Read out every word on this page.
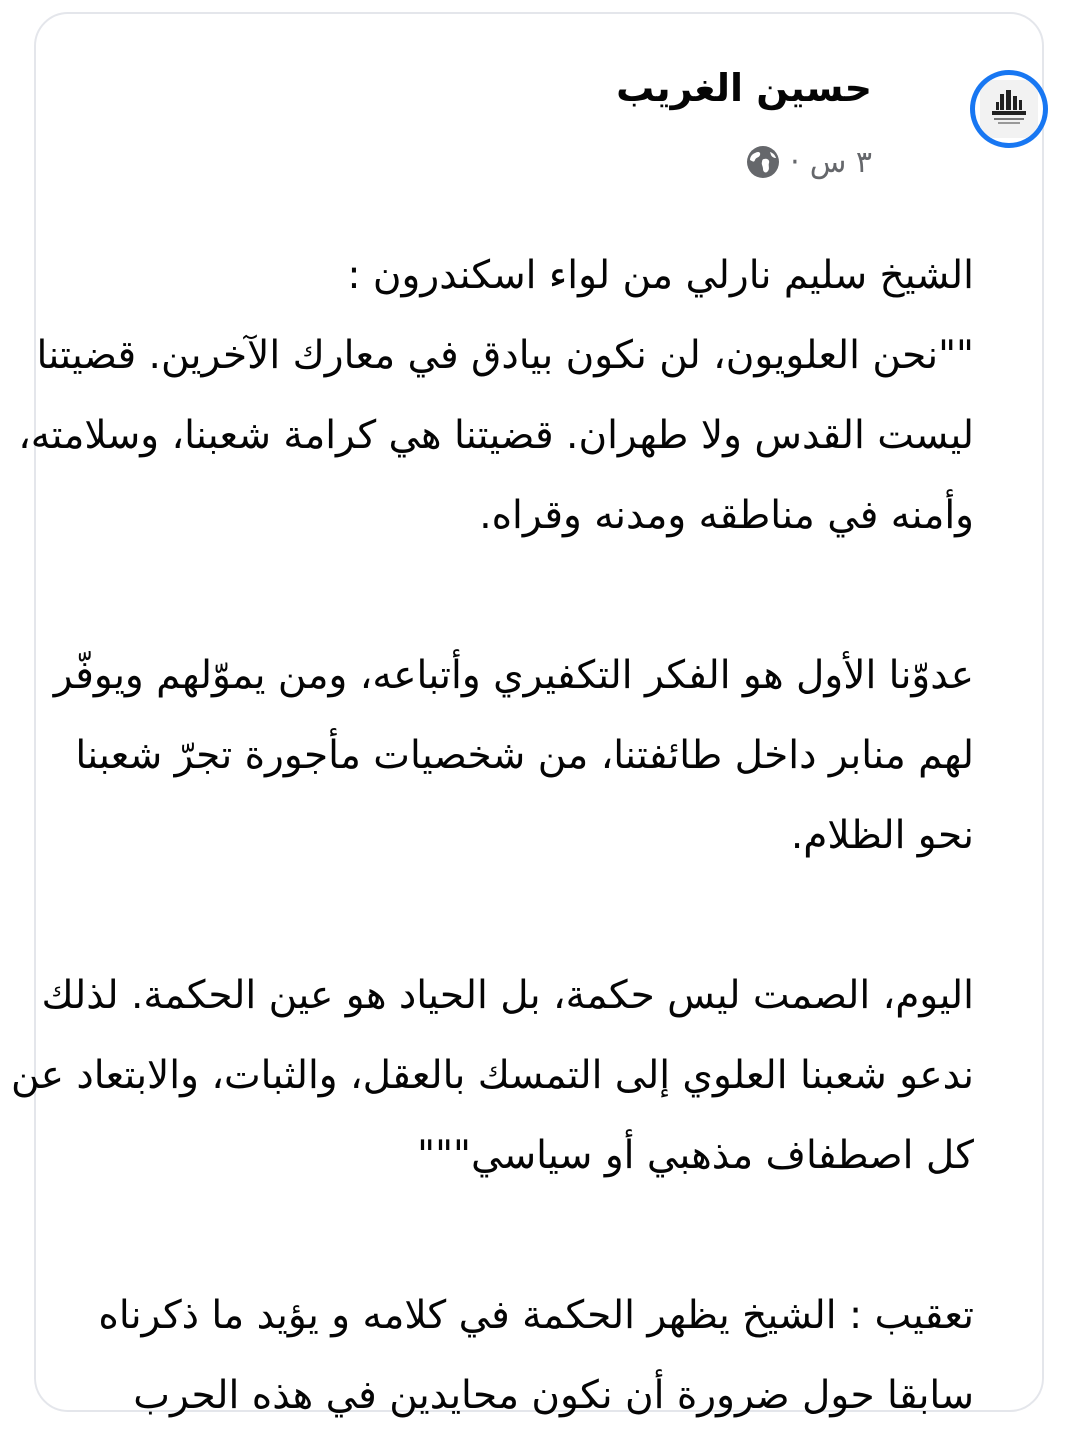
حسين الغريب
٣ س
·
الشيخ سليم نارلي من لواء اسكندرون :
""نحن العلويون، لن نكون بيادق في معارك الآخرين. قضيتنا
ليست القدس ولا طهران. قضيتنا هي كرامة شعبنا، وسلامته،
وأمنه في مناطقه ومدنه وقراه.
عدوّنا الأول هو الفكر التكفيري وأتباعه، ومن يموّلهم ويوفّر
لهم منابر داخل طائفتنا، من شخصيات مأجورة تجرّ شعبنا
نحو الظلام.
اليوم، الصمت ليس حكمة، بل الحياد هو عين الحكمة. لذلك
ندعو شعبنا العلوي إلى التمسك بالعقل، والثبات، والابتعاد عن
كل اصطفاف مذهبي أو سياسي"""
تعقيب : الشيخ يظهر الحكمة في كلامه و يؤيد ما ذكرناه
سابقا حول ضرورة أن نكون محايدين في هذه الحرب
